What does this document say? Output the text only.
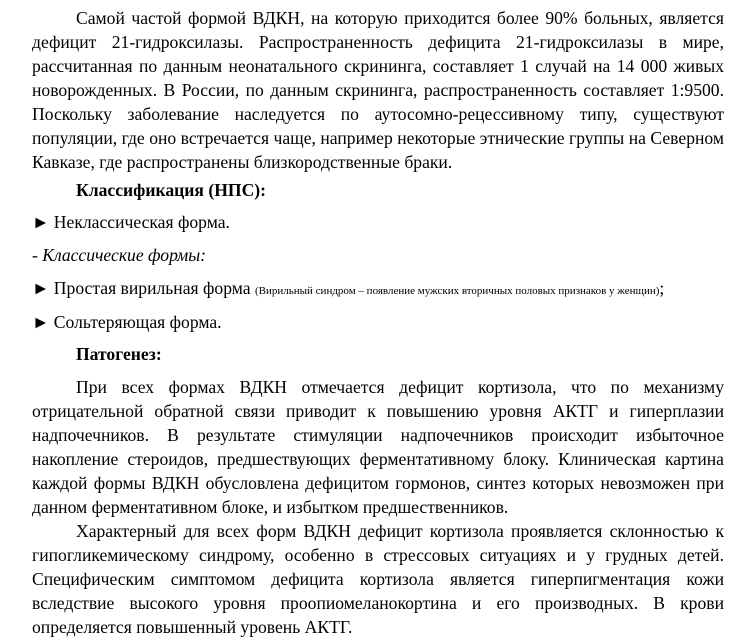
Самой частой формой ВДКН, на которую приходится более 90% больных, является дефицит 21-гидроксилазы. Распространенность дефицита 21-гидроксилазы в мире, рассчитанная по данным неонатального скрининга, составляет 1 случай на 14 000 живых новорожденных. В России, по данным скрининга, распространенность составляет 1:9500. Поскольку заболевание наследуется по аутосомно-рецессивному типу, существуют популяции, где оно встречается чаще, например некоторые этнические группы на Северном Кавказе, где распространены близкородственные браки.

Классификация (НПС):

► Неклассическая форма.

- Классические формы:

► Простая вирильная форма (Вирильный синдром – появление мужских вторичных половых признаков у женщин);

► Сольтеряющая форма.

Патогенез:

При всех формах ВДКН отмечается дефицит кортизола, что по механизму отрицательной обратной связи приводит к повышению уровня АКТГ и гиперплазии надпочечников. В результате стимуляции надпочечников происходит избыточное накопление стероидов, предшествующих ферментативному блоку. Клиническая картина каждой формы ВДКН обусловлена дефицитом гормонов, синтез которых невозможен при данном ферментативном блоке, и избытком предшественников.

Характерный для всех форм ВДКН дефицит кортизола проявляется склонностью к гипогликемическому синдрому, особенно в стрессовых ситуациях и у грудных детей. Специфическим симптомом дефицита кортизола является гиперпигментация кожи вследствие высокого уровня проопиомеланокортина и его производных. В крови определяется повышенный уровень АКТГ.
